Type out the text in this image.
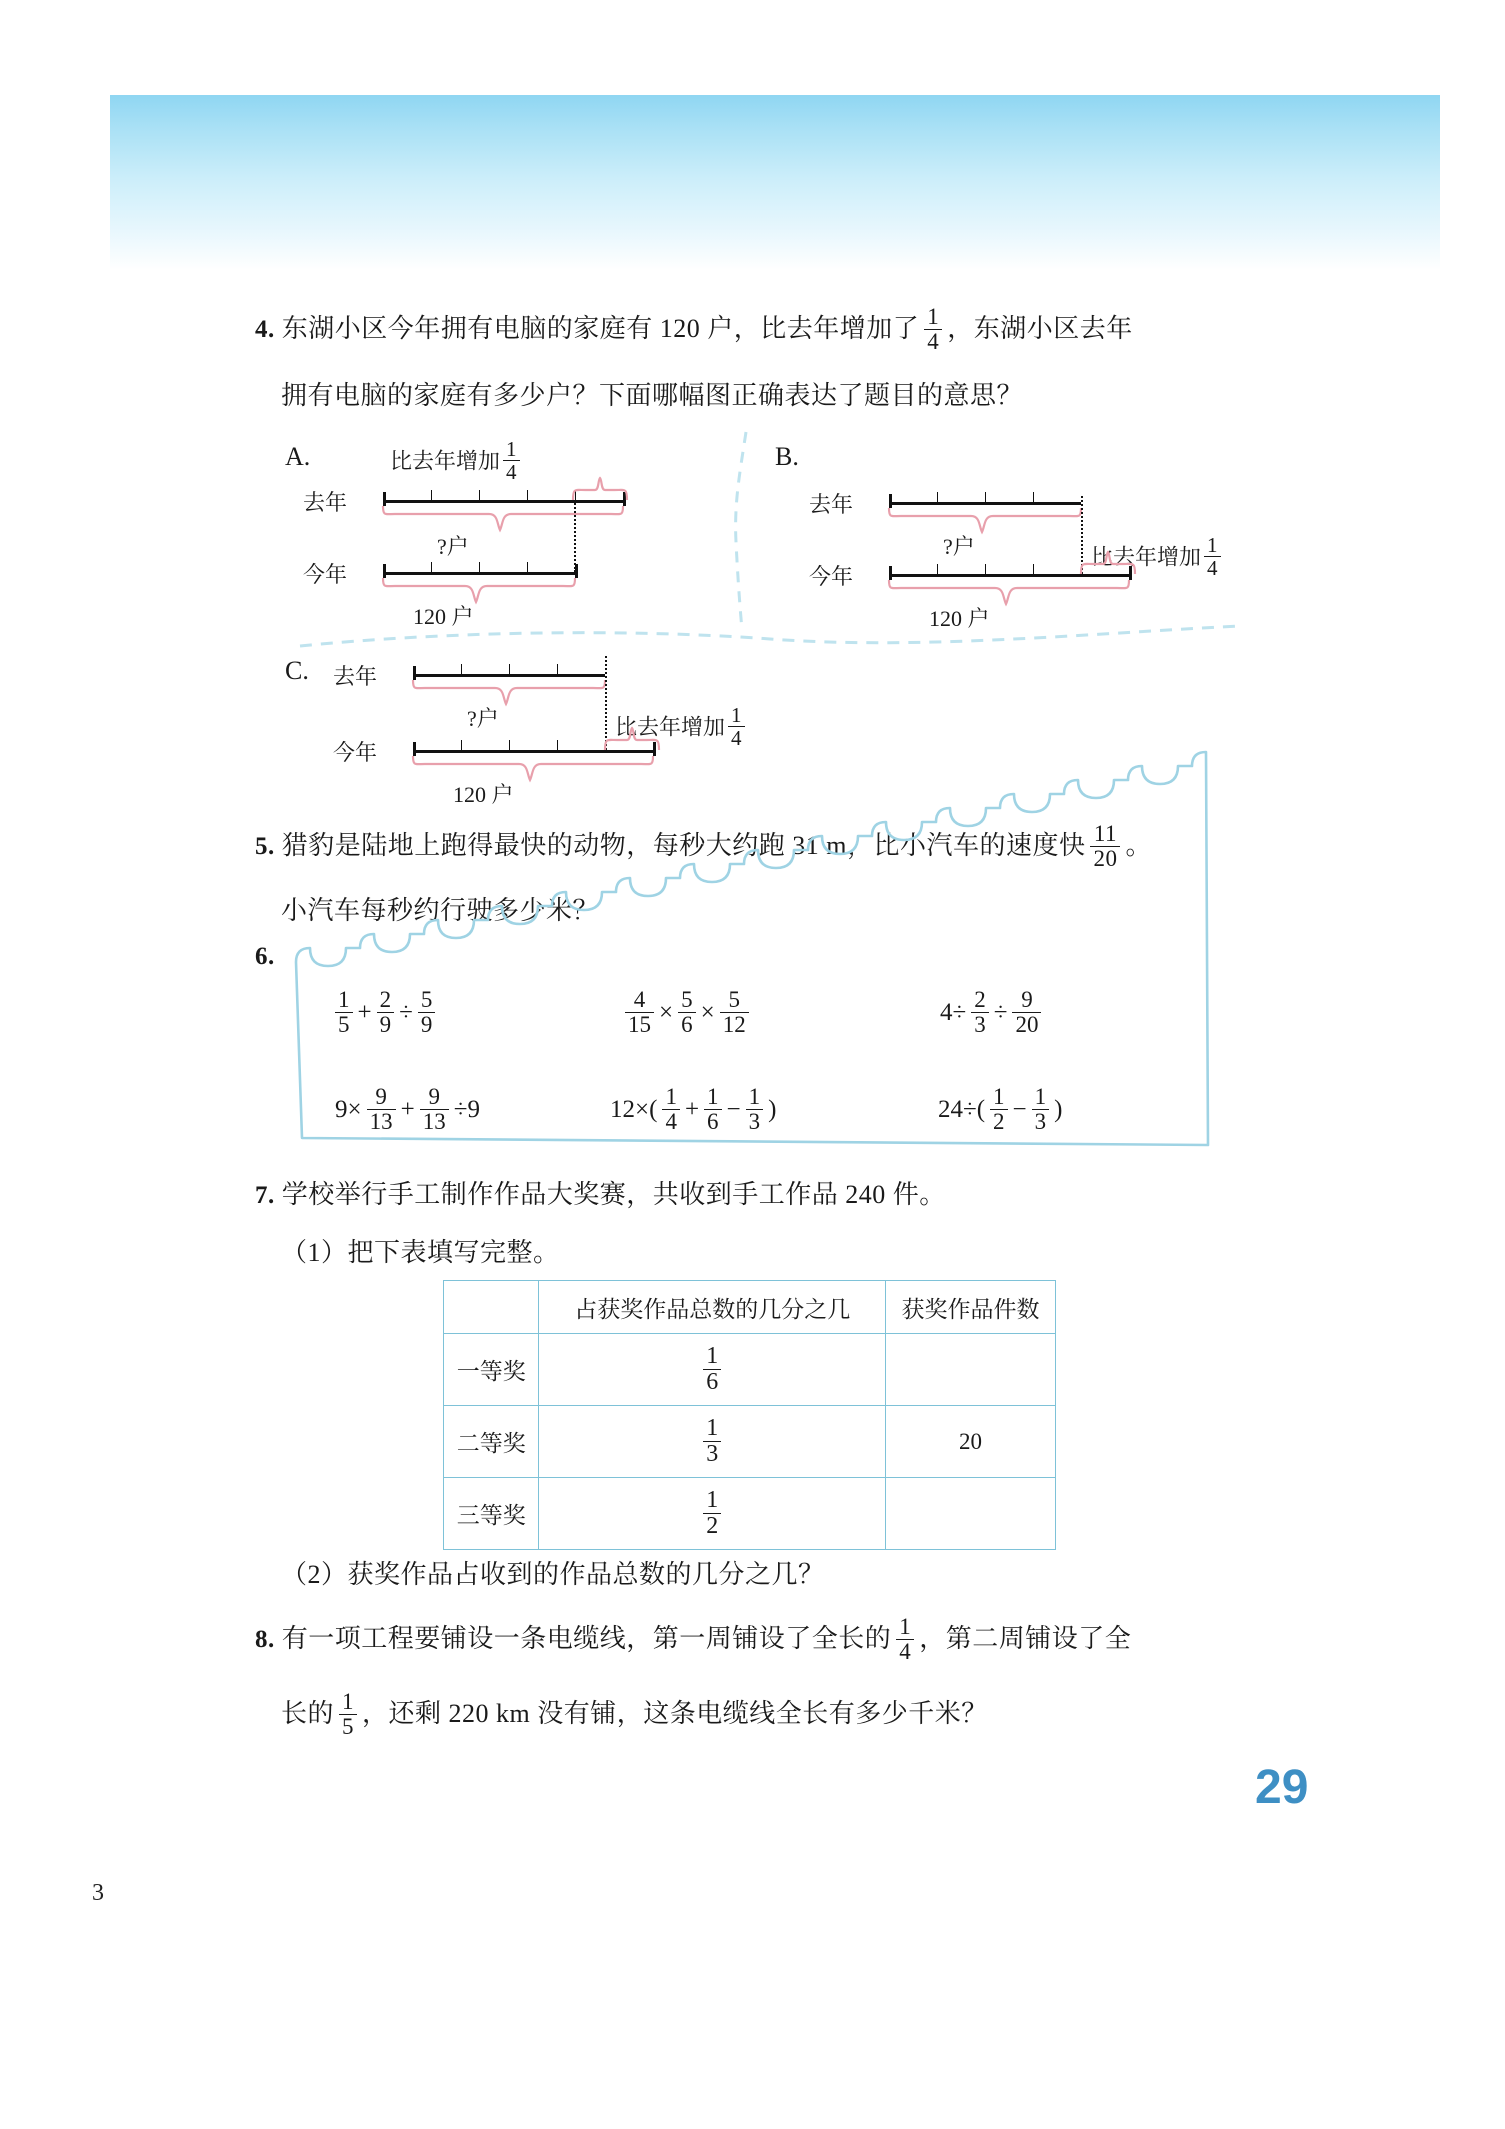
4. 东湖小区今年拥有电脑的家庭有 120 户，比去年增加了 $\frac{1}{4}$ ，东湖小区去年
拥有电脑的家庭有多少户？下面哪幅图正确表达了题目的意思？
A.	比去年增加 $\frac{1}{4}$
去年
?户
今年
120 户
B.
去年
?户	比去年增加 $\frac{1}{4}$
今年
120 户
C. 去年
?户	比去年增加 $\frac{1}{4}$
今年
120 户
5. 猎豹是陆地上跑得最快的动物，每秒大约跑 31 m，比小汽车的速度快 $\frac{11}{20}$ 。
小汽车每秒约行驶多少米？
6.
$\frac{1}{5} + \frac{2}{9} \div \frac{5}{9}$	$\frac{4}{15} \times \frac{5}{6} \times \frac{5}{12}$	$4\div \frac{2}{3} \div \frac{9}{20}$
$9\times \frac{9}{13} + \frac{9}{13} \div 9$	$12\times( \frac{1}{4} + \frac{1}{6} - \frac{1}{3}$ )	$24\div( \frac{1}{2} - \frac{1}{3}$ )
7. 学校举行手工制作作品大奖赛，共收到手工作品 240 件。
（1）把下表填写完整。
	占获奖作品总数的几分之几	获奖作品件数
一等奖	$\frac{1}{6}$

二等奖	$\frac{1}{3}$	20
三等奖	$\frac{1}{2}$

（2）获奖作品占收到的作品总数的几分之几？
8. 有一项工程要铺设一条电缆线，第一周铺设了全长的 $\frac{1}{4}$ ，第二周铺设了全
长的 $\frac{1}{5}$ ，还剩 220 km 没有铺，这条电缆线全长有多少千米？
29
3
